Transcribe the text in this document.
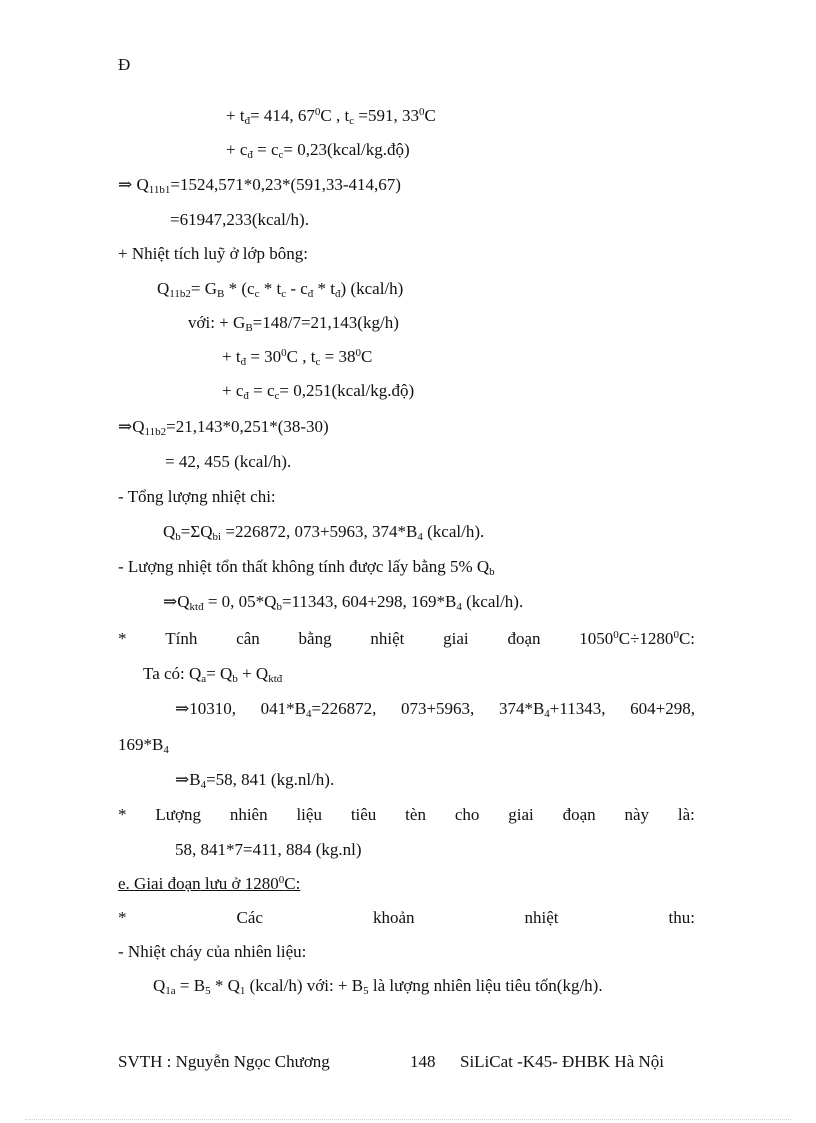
Đ
+ $t_đ= 414$, $67^0C$ , $t_c =591$, $33^0C$
+ $c_đ = c_c=$ 0,23(kcal/kg.độ)
⇒ $Q_{11b1}=1524,571*0,23*(591,33-414,67)$
=61947,233(kcal/h).
+ Nhiệt tích luỹ ở lớp bông:
$Q_{11b2}= G_B * (c_c * t_c - c_đ * t_đ)$ (kcal/h)
với: + $G_B=148/7=21,143(kg/h)$
+ $t_đ = 30^0C$ , $t_c = 38^0C$
+ $c_đ = c_c=$ 0,251(kcal/kg.độ)
$\Rightarrow Q_{11b2}=21,143*0,251*(38-30)$
= 42, 455 (kcal/h).
- Tổng lượng nhiệt chi:
$Q_b=\Sigma Q_{bi} =226872$, 073+5963, $374*B_4$ (kcal/h).
- Lượng nhiệt tổn thất không tính được lấy bằng 5% $Q_b$
$\Rightarrow Q_{ktđ} = 0$, $05*Q_b=11343$, 604+298, $169*B_4$ (kcal/h).
* Tính cân bằng nhiệt giai đoạn $1050^0C\div 1280^0C$:
Ta có: $Q_a= Q_b + Q_{ktđ}$
⇒10310, $041*B_4=226872$, 073+5963, $374*B_4+11343$, 604+298,
$169*B_4$
$\Rightarrow B_4=58$, 841 (kg.nl/h).
* Lượng nhiên liệu tiêu tèn cho giai đoạn này là:
58, 841*7=411, 884 (kg.nl)
e. Giai đoạn lưu ở 1280$^0$C:
*	Các	khoản	nhiệt	thu:
- Nhiệt cháy của nhiên liệu:
$Q_{1a} = B_5 * Q_1$ (kcal/h) với: + $B_5$ là lượng nhiên liệu tiêu tốn(kg/h).
SVTH : Nguyễn Ngọc Chương	148 SiLiCat -K45- ĐHBK Hà Nội
